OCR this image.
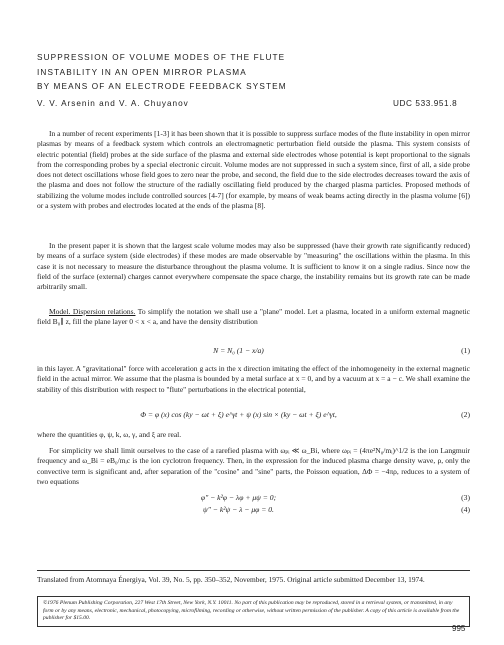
SUPPRESSION OF VOLUME MODES OF THE FLUTE
INSTABILITY IN AN OPEN MIRROR PLASMA
BY MEANS OF AN ELECTRODE FEEDBACK SYSTEM
V. V. Arsenin and V. A. Chuyanov	UDC 533.951.8
In a number of recent experiments [1-3] it has been shown that it is possible to suppress surface modes of the flute instability in open mirror plasmas by means of a feedback system which controls an electromagnetic perturbation field outside the plasma. This system consists of electric potential (field) probes at the side surface of the plasma and external side electrodes whose potential is kept proportional to the signals from the corresponding probes by a special electronic circuit. Volume modes are not suppressed in such a system since, first of all, a side probe does not detect oscillations whose field goes to zero near the probe, and second, the field due to the side electrodes decreases toward the axis of the plasma and does not follow the structure of the radially oscillating field produced by the charged plasma particles. Proposed methods of stabilizing the volume modes include controlled sources [4-7] (for example, by means of weak beams acting directly in the plasma volume [6]) or a system with probes and electrodes located at the ends of the plasma [8].
In the present paper it is shown that the largest scale volume modes may also be suppressed (have their growth rate significantly reduced) by means of a surface system (side electrodes) if these modes are made observable by "measuring" the oscillations within the plasma. In this case it is not necessary to measure the disturbance throughout the plasma volume. It is sufficient to know it on a single radius. Since now the field of the surface (external) charges cannot everywhere compensate the space charge, the instability remains but its growth rate can be made arbitrarily small.
Model. Dispersion relations. To simplify the notation we shall use a "plane" model. Let a plasma, located in a uniform external magnetic field B₀∥ z, fill the plane layer 0 < x < a, and have the density distribution
N = N₀ (1 − x/a)	(1)
in this layer. A "gravitational" force with acceleration g acts in the x direction imitating the effect of the inhomogeneity in the external magnetic field in the actual mirror. We assume that the plasma is bounded by a metal surface at x = 0, and by a vacuum at x = a − c. We shall examine the stability of this distribution with respect to "flute" perturbations in the electrical potential,
Φ = φ (x) cos (ky − ωt + ξ) e^γt + ψ (x) sin × (ky − ωt + ξ) e^γt,	(2)
where the quantities φ, ψ, k, ω, γ, and ξ are real.
For simplicity we shall limit ourselves to the case of a rarefied plasma with ωₚᵢ ≪ ω_Bi, where ωₚᵢ = (4πe²N₀/mᵢ)^1/2 is the ion Langmuir frequency and ω_Bi = eB₀/mᵢc is the ion cyclotron frequency. Then, in the expression for the induced plasma charge density wave, ρ, only the convective term is significant and, after separation of the "cosine" and "sine" parts, the Poisson equation, ΔΦ = −4πρ, reduces to a system of two equations
φ″ − k²φ − λφ + μψ = 0;	(3)
ψ″ − k²ψ − λ − μφ = 0.	(4)
Translated from Atomnaya Énergiya, Vol. 39, No. 5, pp. 350–352, November, 1975. Original article submitted December 13, 1974.
©1976 Plenum Publishing Corporation, 227 West 17th Street, New York, N.Y. 10011. No part of this publication may be reproduced, stored in a retrieval system, or transmitted, in any form or by any means, electronic, mechanical, photocopying, microfilming, recording or otherwise, without written permission of the publisher. A copy of this article is available from the publisher for $15.00.
995
